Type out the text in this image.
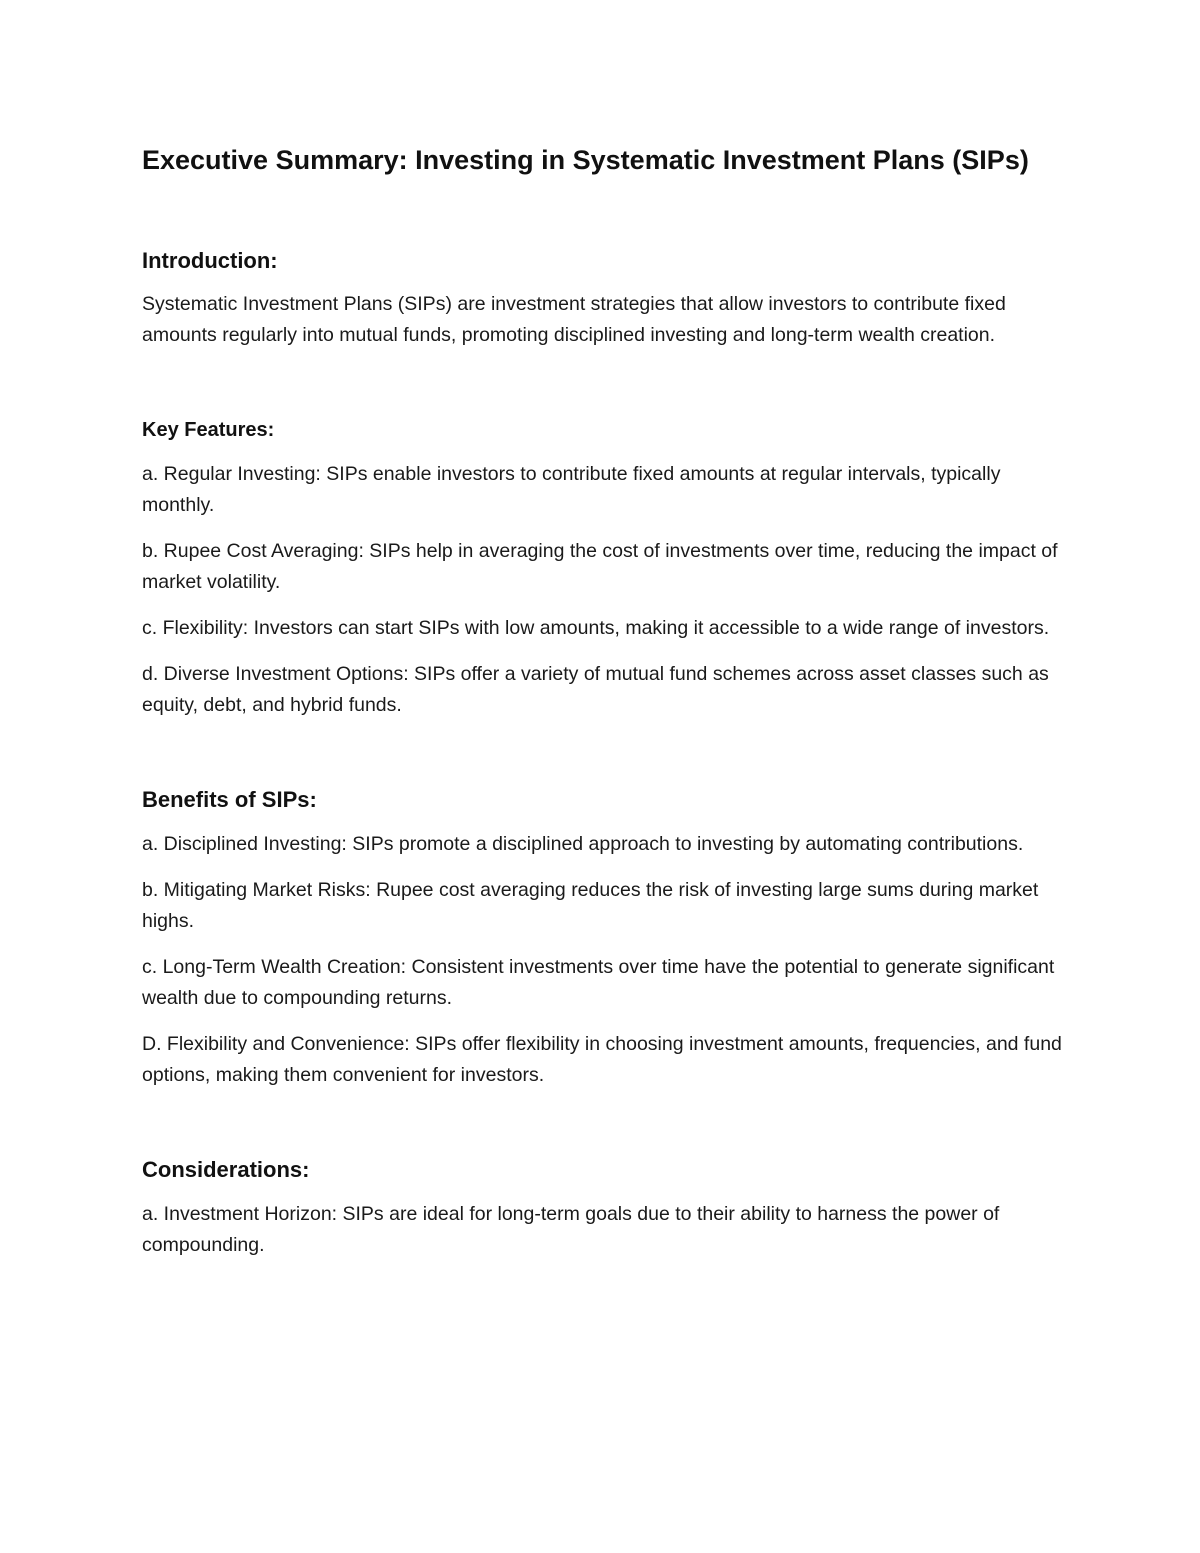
Executive Summary: Investing in Systematic Investment Plans (SIPs)
Introduction:

Systematic Investment Plans (SIPs) are investment strategies that allow investors to contribute fixed amounts regularly into mutual funds, promoting disciplined investing and long-term wealth creation.

Key Features:

a. Regular Investing: SIPs enable investors to contribute fixed amounts at regular intervals, typically monthly.

b. Rupee Cost Averaging: SIPs help in averaging the cost of investments over time, reducing the impact of market volatility.

c. Flexibility: Investors can start SIPs with low amounts, making it accessible to a wide range of investors.

d. Diverse Investment Options: SIPs offer a variety of mutual fund schemes across asset classes such as equity, debt, and hybrid funds.

Benefits of SIPs:

a. Disciplined Investing: SIPs promote a disciplined approach to investing by automating contributions.

b. Mitigating Market Risks: Rupee cost averaging reduces the risk of investing large sums during market highs.

c. Long-Term Wealth Creation: Consistent investments over time have the potential to generate significant wealth due to compounding returns.

D. Flexibility and Convenience: SIPs offer flexibility in choosing investment amounts, frequencies, and fund options, making them convenient for investors.

Considerations:

a. Investment Horizon: SIPs are ideal for long-term goals due to their ability to harness the power of compounding.
